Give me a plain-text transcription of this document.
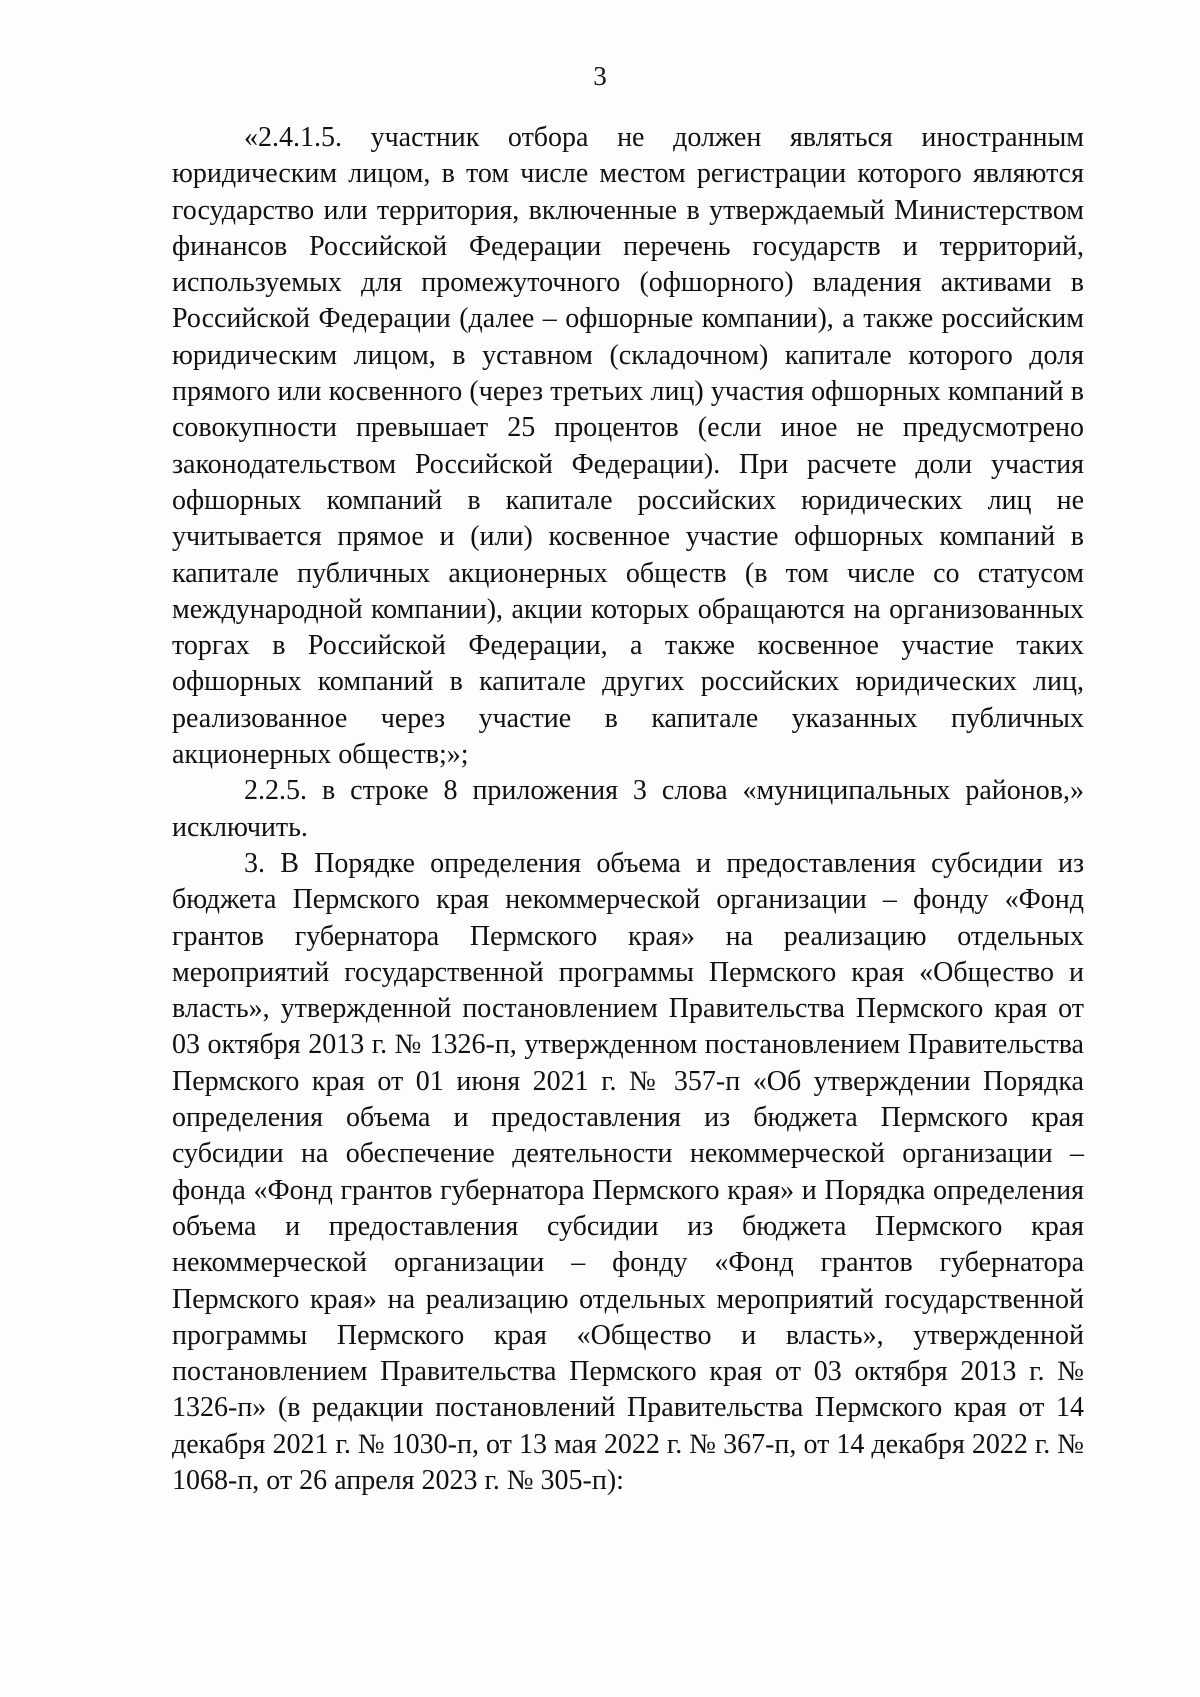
3

«2.4.1.5. участник отбора не должен являться иностранным юридическим лицом, в том числе местом регистрации которого являются государство или территория, включенные в утверждаемый Министерством финансов Российской Федерации перечень государств и территорий, используемых для промежуточного (офшорного) владения активами в Российской Федерации (далее – офшорные компании), а также российским юридическим лицом, в уставном (складочном) капитале которого доля прямого или косвенного (через третьих лиц) участия офшорных компаний в совокупности превышает 25 процентов (если иное не предусмотрено законодательством Российской Федерации). При расчете доли участия офшорных компаний в капитале российских юридических лиц не учитывается прямое и (или) косвенное участие офшорных компаний в капитале публичных акционерных обществ (в том числе со статусом международной компании), акции которых обращаются на организованных торгах в Российской Федерации, а также косвенное участие таких офшорных компаний в капитале других российских юридических лиц, реализованное через участие в капитале указанных публичных акционерных обществ;»;

2.2.5. в строке 8 приложения 3 слова «муниципальных районов,» исключить.

3. В Порядке определения объема и предоставления субсидии из бюджета Пермского края некоммерческой организации – фонду «Фонд грантов губернатора Пермского края» на реализацию отдельных мероприятий государственной программы Пермского края «Общество и власть», утвержденной постановлением Правительства Пермского края от 03 октября 2013 г. № 1326-п, утвержденном постановлением Правительства Пермского края от 01 июня 2021 г. № 357-п «Об утверждении Порядка определения объема и предоставления из бюджета Пермского края субсидии на обеспечение деятельности некоммерческой организации – фонда «Фонд грантов губернатора Пермского края» и Порядка определения объема и предоставления субсидии из бюджета Пермского края некоммерческой организации – фонду «Фонд грантов губернатора Пермского края» на реализацию отдельных мероприятий государственной программы Пермского края «Общество и власть», утвержденной постановлением Правительства Пермского края от 03 октября 2013 г. № 1326-п» (в редакции постановлений Правительства Пермского края от 14 декабря 2021 г. № 1030-п, от 13 мая 2022 г. № 367-п, от 14 декабря 2022 г. № 1068-п, от 26 апреля 2023 г. № 305-п):
